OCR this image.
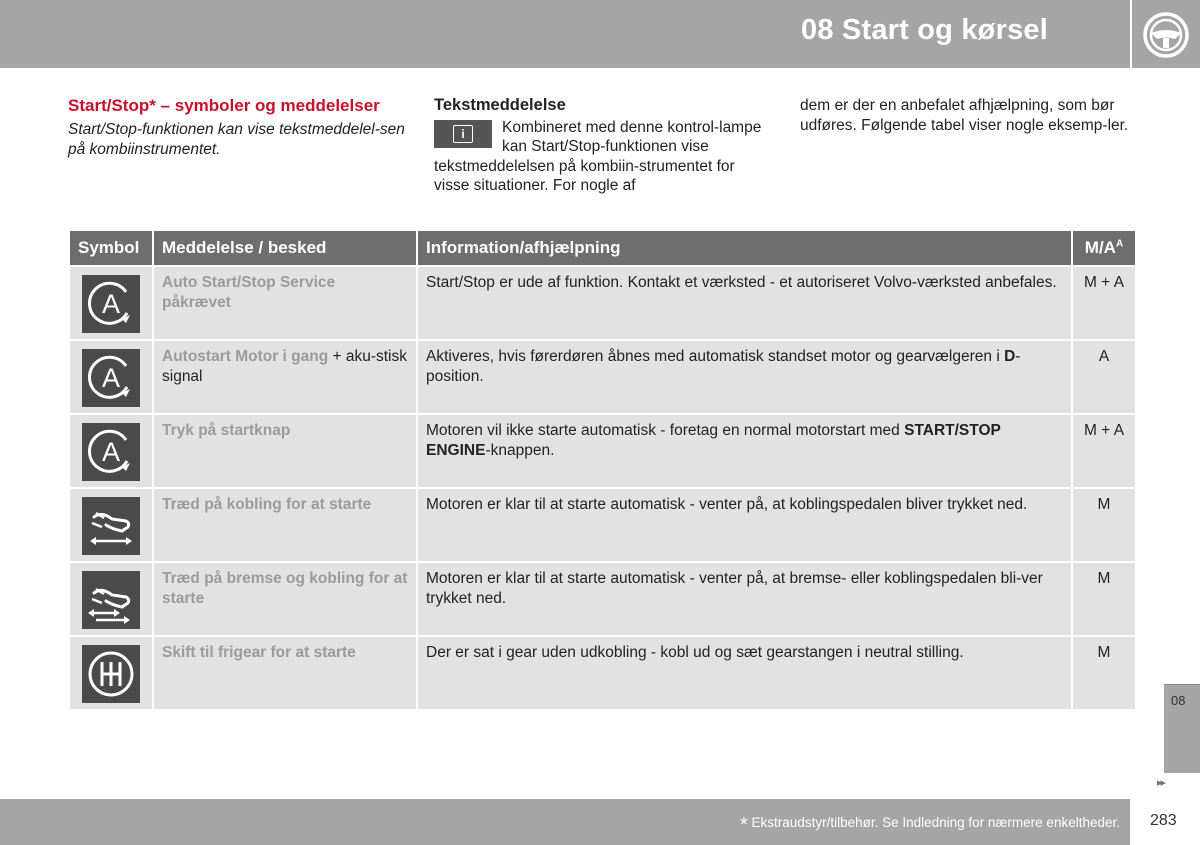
08 Start og kørsel

Start/Stop* – symboler og meddelelser

Start/Stop-funktionen kan vise tekstmeddelel-sen på kombiinstrumentet.

Tekstmeddelelse

i	Kombineret med denne kontrol-lampe kan Start/Stop-funktionen vise tekstmeddelelsen på kombiin-strumentet for visse situationer. For nogle af

dem er der en anbefalet afhjælpning, som bør udføres. Følgende tabel viser nogle eksemp-ler.

Symbol	Meddelelse / besked	Information/afhjælpning	$M/A^A$

A	Auto Start/Stop Service påkrævet	Start/Stop er ude af funktion. Kontakt et værksted - et autoriseret Volvo-værksted anbefales.	M + A

A	Autostart Motor i gang + aku-stisk signal	Aktiveres, hvis førerdøren åbnes med automatisk standset motor og gearvælgeren i D-position.	A

A	Tryk på startknap	Motoren vil ikke starte automatisk - foretag en normal motorstart med START/STOP ENGINE-knappen.	M + A

	Træd på kobling for at starte	Motoren er klar til at starte automatisk - venter på, at koblingspedalen bliver trykket ned.	M

	Træd på bremse og kobling for at starte	Motoren er klar til at starte automatisk - venter på, at bremse- eller koblingspedalen bli-ver trykket ned.	M

	Skift til frigear for at starte	Der er sat i gear uden udkobling - kobl ud og sæt gearstangen i neutral stilling.	M
08
▸▸
* Ekstraudstyr/tilbehør. Se Indledning for nærmere enkeltheder. 283
